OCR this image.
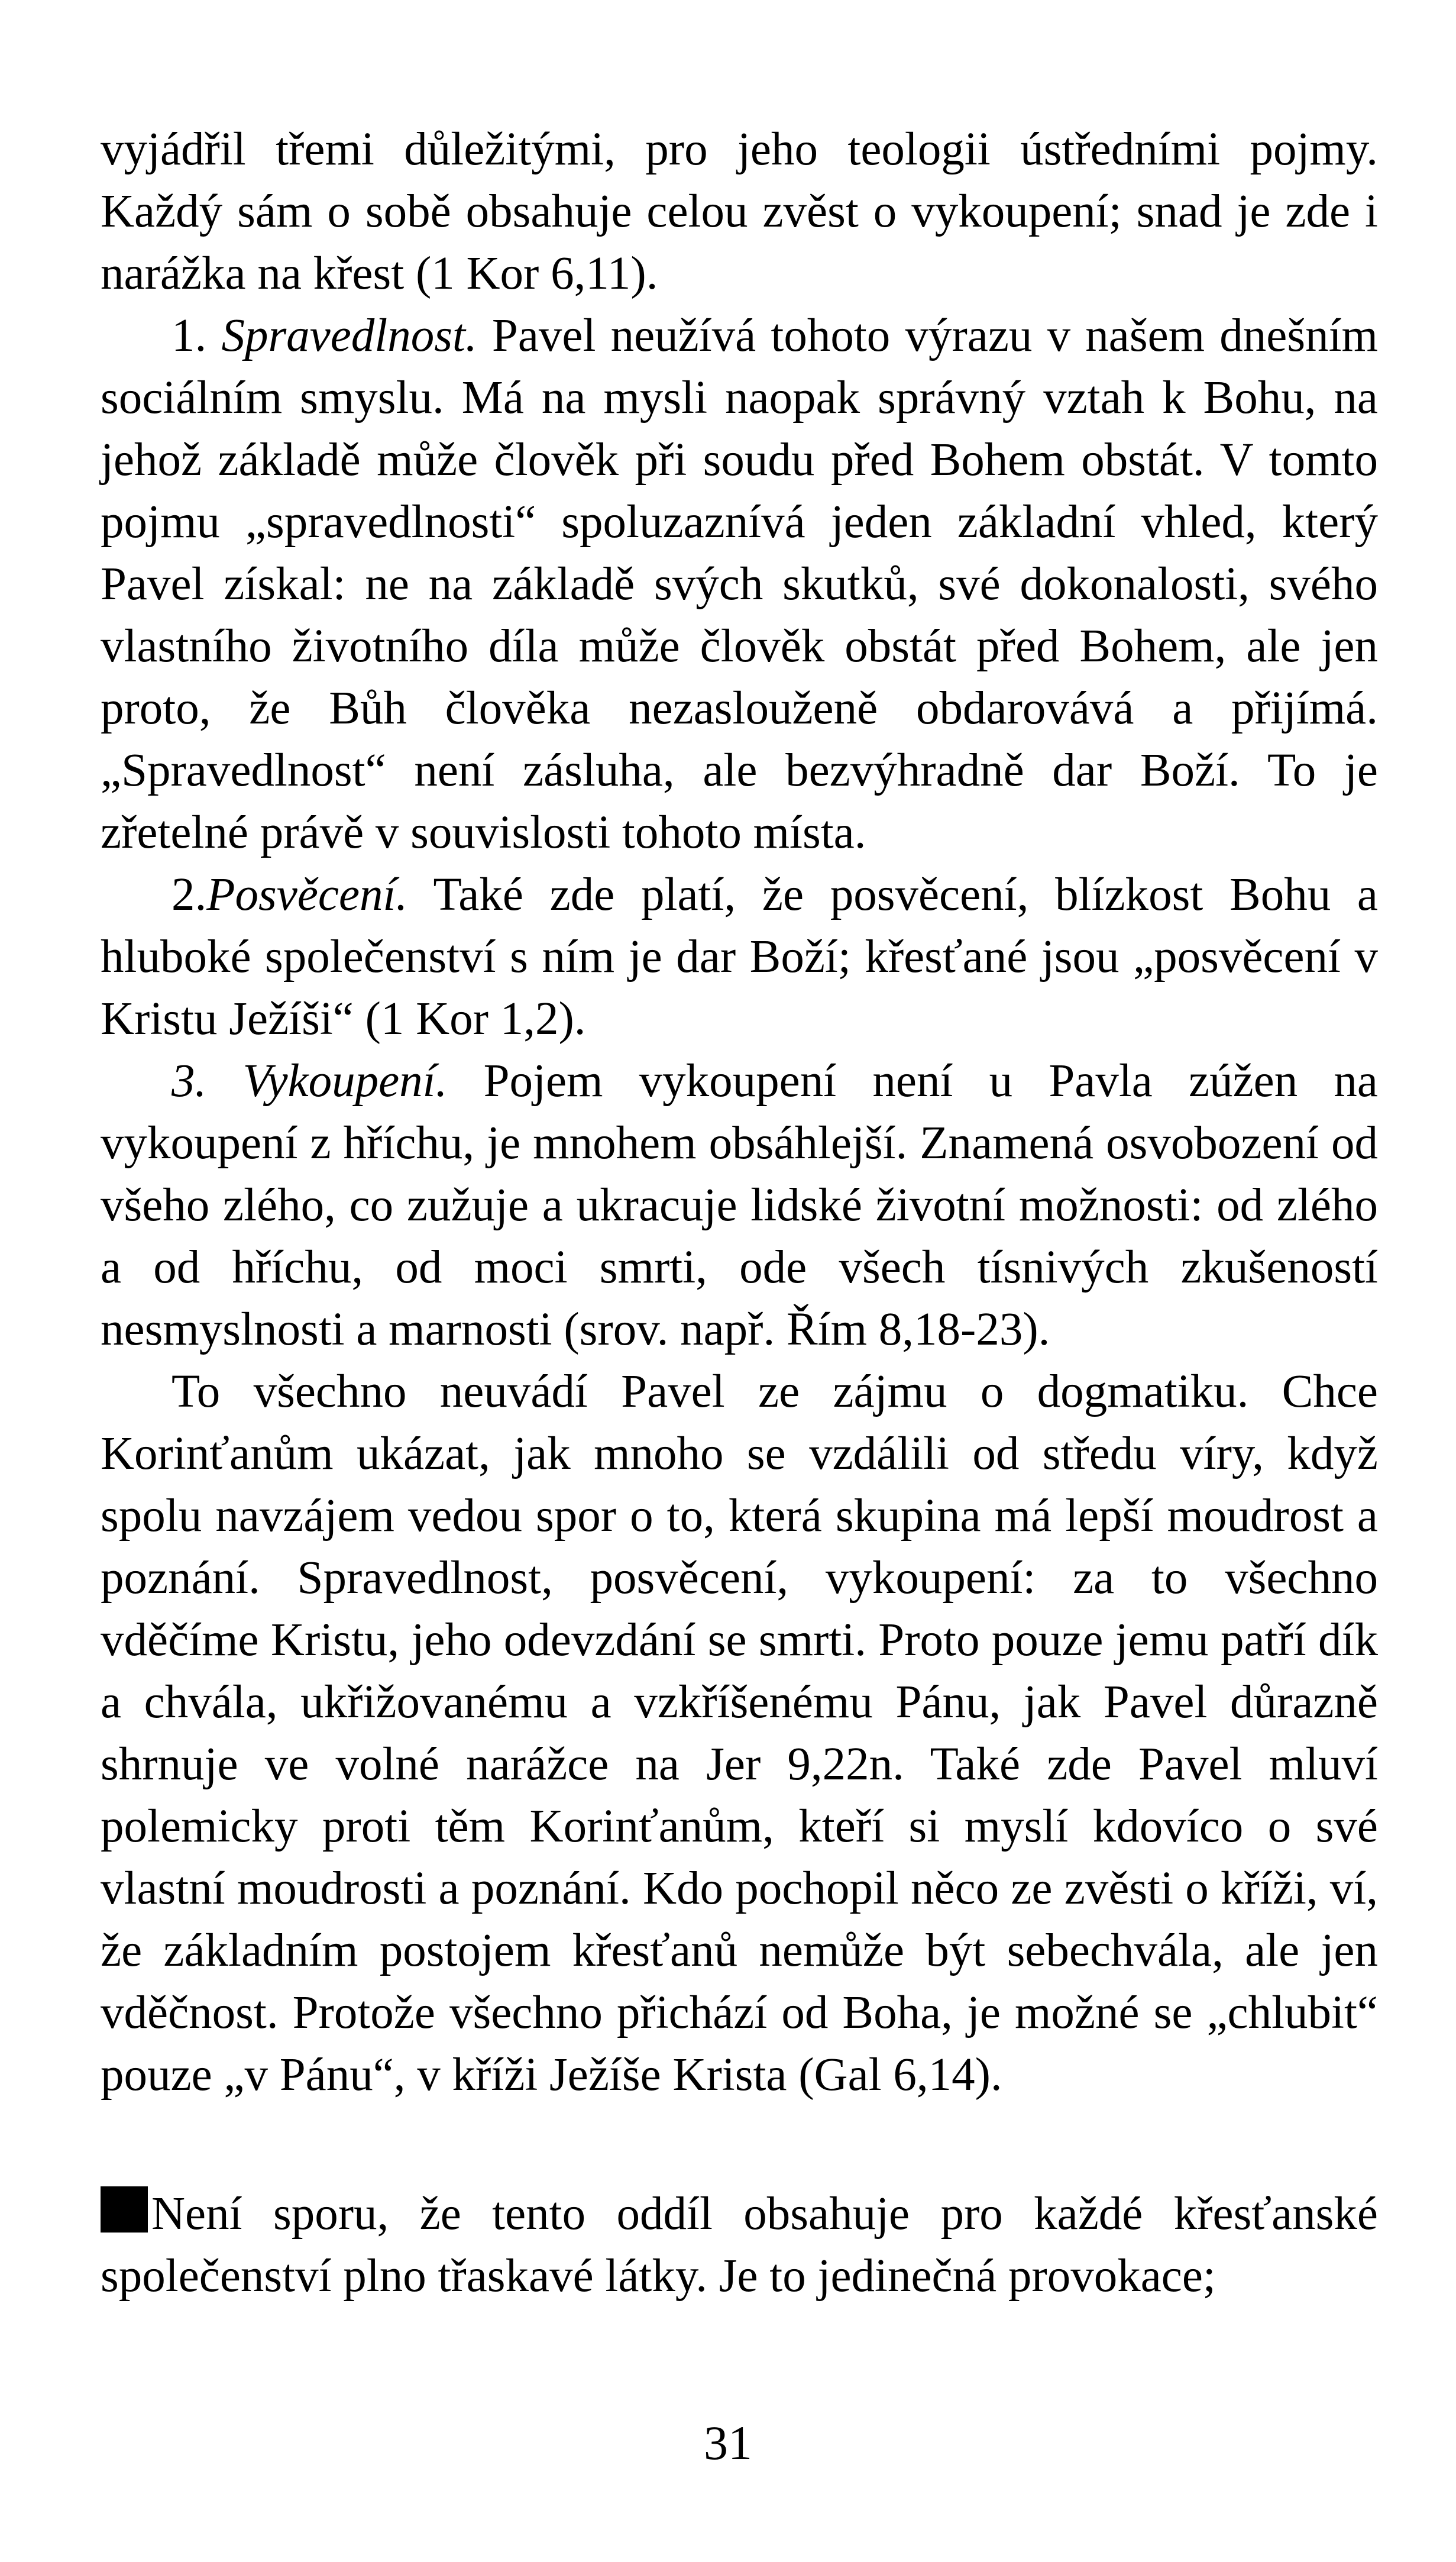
vyjádřil třemi důležitými, pro jeho teologii ústředními pojmy. Každý sám o sobě obsahuje celou zvěst o vykoupení; snad je zde i narážka na křest (1 Kor 6,11).

1. Spravedlnost. Pavel neužívá tohoto výrazu v našem dnešním sociálním smyslu. Má na mysli naopak správný vztah k Bohu, na jehož základě může člověk při soudu před Bohem obstát. V tomto pojmu „spravedlnosti“ spoluzaznívá jeden základní vhled, který Pavel získal: ne na základě svých skutků, své dokonalosti, svého vlastního životního díla může člověk obstát před Bohem, ale jen proto, že Bůh člověka nezaslouženě obdarovává a přijímá. „Spravedlnost“ není zásluha, ale bezvýhradně dar Boží. To je zřetelné právě v souvislosti tohoto místa.

2.Posvěcení. Také zde platí, že posvěcení, blízkost Bohu a hluboké společenství s ním je dar Boží; křesťané jsou „posvěcení v Kristu Ježíši“ (1 Kor 1,2).

3. Vykoupení. Pojem vykoupení není u Pavla zúžen na vykoupení z hříchu, je mnohem obsáhlejší. Znamená osvobození od všeho zlého, co zužuje a ukracuje lidské životní možnosti: od zlého a od hříchu, od moci smrti, ode všech tísnivých zkušeností nesmyslnosti a marnosti (srov. např. Řím 8,18-23).

To všechno neuvádí Pavel ze zájmu o dogmatiku. Chce Korinťanům ukázat, jak mnoho se vzdálili od středu víry, když spolu navzájem vedou spor o to, která skupina má lepší moudrost a poznání. Spravedlnost, posvěcení, vykoupení: za to všechno vděčíme Kristu, jeho odevzdání se smrti. Proto pouze jemu patří dík a chvála, ukřižovanému a vzkříšenému Pánu, jak Pavel důrazně shrnuje ve volné narážce na Jer 9,22n. Také zde Pavel mluví polemicky proti těm Korinťanům, kteří si myslí kdovíco o své vlastní moudrosti a poznání. Kdo pochopil něco ze zvěsti o kříži, ví, že základním postojem křesťanů nemůže být sebechvála, ale jen vděčnost. Protože všechno přichází od Boha, je možné se „chlubit“ pouze „v Pánu“, v kříži Ježíše Krista (Gal 6,14).

Není sporu, že tento oddíl obsahuje pro každé křesťanské společenství plno třaskavé látky. Je to jedinečná provokace;

31
